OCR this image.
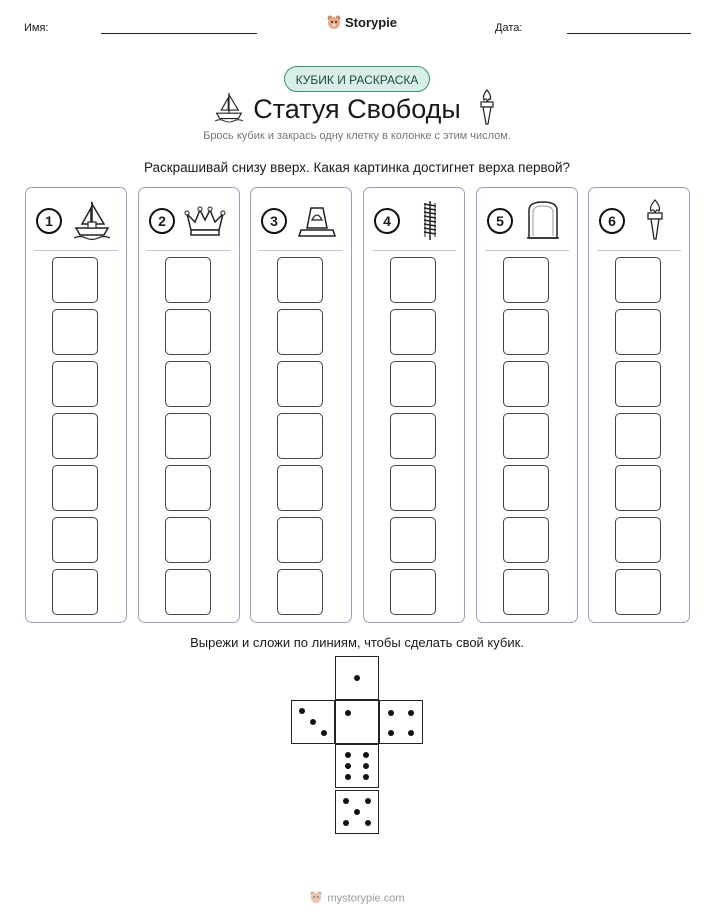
Имя:	Storypie	Дата:
КУБИК И РАСКРАСКА
Статуя Свободы
Брось кубик и закрась одну клетку в колонке с этим числом.
Раскрашивай снизу вверх. Какая картинка достигнет верха первой?
1	2	3	4	5	6
Вырежи и сложи по линиям, чтобы сделать свой кубик.
mystorypie.com
